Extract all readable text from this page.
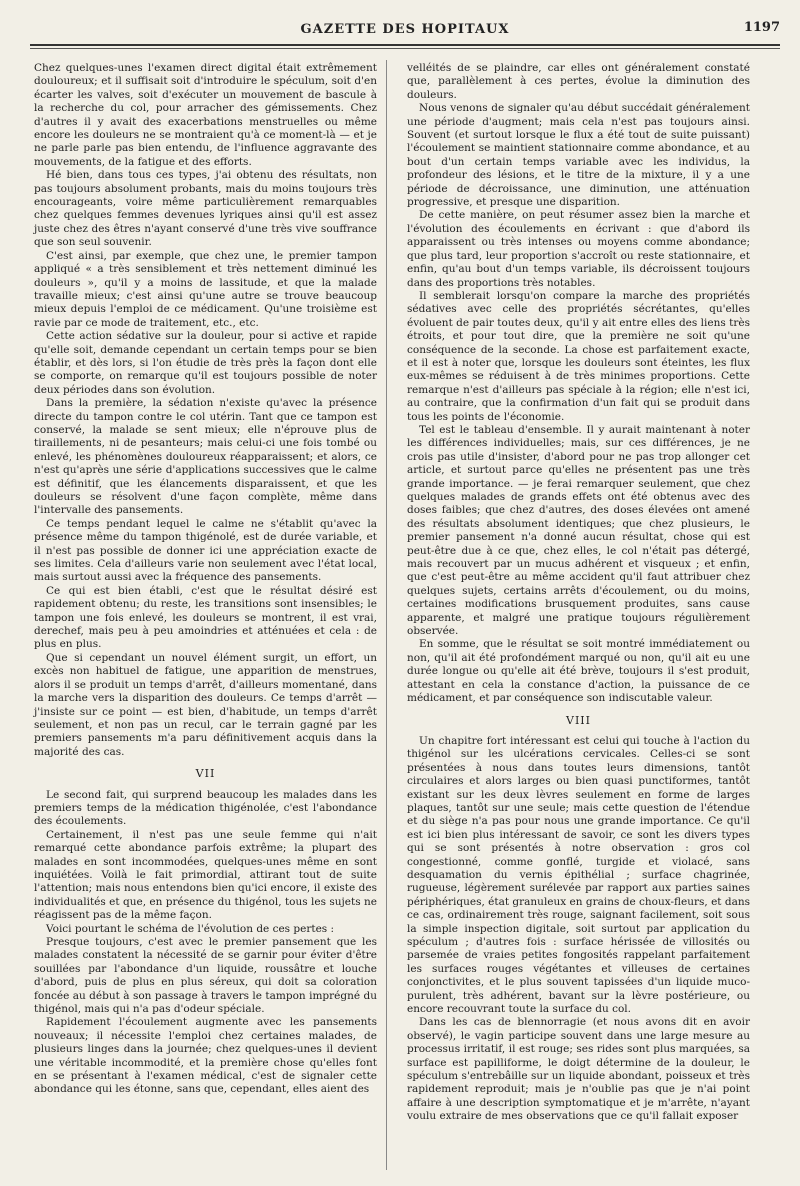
GAZETTE DES HOPITAUX	1197

Chez quelques-unes l'examen direct digital était extrêmement douloureux; et il suffisait soit d'introduire le spéculum, soit d'en écarter les valves, soit d'exécuter un mouvement de bascule à la recherche du col, pour arracher des gémissements. Chez d'autres il y avait des exacerbations menstruelles ou même encore les douleurs ne se montraient qu'à ce moment-là — et je ne parle parle pas bien entendu, de l'influence aggravante des mouvements, de la fatigue et des efforts.

Hé bien, dans tous ces types, j'ai obtenu des résultats, non pas toujours absolument probants, mais du moins toujours très encourageants, voire même particulièrement remarquables chez quelques femmes devenues lyriques ainsi qu'il est assez juste chez des êtres n'ayant conservé d'une très vive souffrance que son seul souvenir.

C'est ainsi, par exemple, que chez une, le premier tampon appliqué « a très sensiblement et très nettement diminué les douleurs », qu'il y a moins de lassitude, et que la malade travaille mieux; c'est ainsi qu'une autre se trouve beaucoup mieux depuis l'emploi de ce médicament. Qu'une troisième est ravie par ce mode de traitement, etc., etc.

Cette action sédative sur la douleur, pour si active et rapide qu'elle soit, demande cependant un certain temps pour se bien établir, et dès lors, si l'on étudie de très près la façon dont elle se comporte, on remarque qu'il est toujours possible de noter deux périodes dans son évolution.

Dans la première, la sédation n'existe qu'avec la présence directe du tampon contre le col utérin. Tant que ce tampon est conservé, la malade se sent mieux; elle n'éprouve plus de tiraillements, ni de pesanteurs; mais celui-ci une fois tombé ou enlevé, les phénomènes douloureux réapparaissent; et alors, ce n'est qu'après une série d'applications successives que le calme est définitif, que les élancements disparaissent, et que les douleurs se résolvent d'une façon complète, même dans l'intervalle des pansements.

Ce temps pendant lequel le calme ne s'établit qu'avec la présence même du tampon thigénolé, est de durée variable, et il n'est pas possible de donner ici une appréciation exacte de ses limites. Cela d'ailleurs varie non seulement avec l'état local, mais surtout aussi avec la fréquence des pansements.

Ce qui est bien établi, c'est que le résultat désiré est rapidement obtenu; du reste, les transitions sont insensibles; le tampon une fois enlevé, les douleurs se montrent, il est vrai, derechef, mais peu à peu amoindries et atténuées et cela : de plus en plus.

Que si cependant un nouvel élément surgit, un effort, un excès non habituel de fatigue, une apparition de menstrues, alors il se produit un temps d'arrêt, d'ailleurs momentané, dans la marche vers la disparition des douleurs. Ce temps d'arrêt — j'insiste sur ce point — est bien, d'habitude, un temps d'arrêt seulement, et non pas un recul, car le terrain gagné par les premiers pansements m'a paru définitivement acquis dans la majorité des cas.

VII

Le second fait, qui surprend beaucoup les malades dans les premiers temps de la médication thigénolée, c'est l'abondance des écoulements.

Certainement, il n'est pas une seule femme qui n'ait remarqué cette abondance parfois extrême; la plupart des malades en sont incommodées, quelques-unes même en sont inquiétées. Voilà le fait primordial, attirant tout de suite l'attention; mais nous entendons bien qu'ici encore, il existe des individualités et que, en présence du thigénol, tous les sujets ne réagissent pas de la même façon.

Voici pourtant le schéma de l'évolution de ces pertes :

Presque toujours, c'est avec le premier pansement que les malades constatent la nécessité de se garnir pour éviter d'être souillées par l'abondance d'un liquide, roussâtre et louche d'abord, puis de plus en plus séreux, qui doit sa coloration foncée au début à son passage à travers le tampon imprégné du thigénol, mais qui n'a pas d'odeur spéciale.

Rapidement l'écoulement augmente avec les pansements nouveaux; il nécessite l'emploi chez certaines malades, de plusieurs linges dans la journée; chez quelques-unes il devient une véritable incommodité, et la première chose qu'elles font en se présentant à l'examen médical, c'est de signaler cette abondance qui les étonne, sans que, cependant, elles aient des

velléités de se plaindre, car elles ont généralement constaté que, parallèlement à ces pertes, évolue la diminution des douleurs.

Nous venons de signaler qu'au début succédait généralement une période d'augment; mais cela n'est pas toujours ainsi. Souvent (et surtout lorsque le flux a été tout de suite puissant) l'écoulement se maintient stationnaire comme abondance, et au bout d'un certain temps variable avec les individus, la profondeur des lésions, et le titre de la mixture, il y a une période de décroissance, une diminution, une atténuation progressive, et presque une disparition.

De cette manière, on peut résumer assez bien la marche et l'évolution des écoulements en écrivant : que d'abord ils apparaissent ou très intenses ou moyens comme abondance; que plus tard, leur proportion s'accroît ou reste stationnaire, et enfin, qu'au bout d'un temps variable, ils décroissent toujours dans des proportions très notables.

Il semblerait lorsqu'on compare la marche des propriétés sédatives avec celle des propriétés sécrétantes, qu'elles évoluent de pair toutes deux, qu'il y ait entre elles des liens très étroits, et pour tout dire, que la première ne soit qu'une conséquence de la seconde. La chose est parfaitement exacte, et il est à noter que, lorsque les douleurs sont éteintes, les flux eux-mêmes se réduisent à de très minimes proportions. Cette remarque n'est d'ailleurs pas spéciale à la région; elle n'est ici, au contraire, que la confirmation d'un fait qui se produit dans tous les points de l'économie.

Tel est le tableau d'ensemble. Il y aurait maintenant à noter les différences individuelles; mais, sur ces différences, je ne crois pas utile d'insister, d'abord pour ne pas trop allonger cet article, et surtout parce qu'elles ne présentent pas une très grande importance. — je ferai remarquer seulement, que chez quelques malades de grands effets ont été obtenus avec des doses faibles; que chez d'autres, des doses élevées ont amené des résultats absolument identiques; que chez plusieurs, le premier pansement n'a donné aucun résultat, chose qui est peut-être due à ce que, chez elles, le col n'était pas détergé, mais recouvert par un mucus adhérent et visqueux ; et enfin, que c'est peut-être au même accident qu'il faut attribuer chez quelques sujets, certains arrêts d'écoulement, ou du moins, certaines modifications brusquement produites, sans cause apparente, et malgré une pratique toujours régulièrement observée.

En somme, que le résultat se soit montré immédiatement ou non, qu'il ait été profondément marqué ou non, qu'il ait eu une durée longue ou qu'elle ait été brève, toujours il s'est produit, attestant en cela la constance d'action, la puissance de ce médicament, et par conséquence son indiscutable valeur.

VIII

Un chapitre fort intéressant est celui qui touche à l'action du thigénol sur les ulcérations cervicales. Celles-ci se sont présentées à nous dans toutes leurs dimensions, tantôt circulaires et alors larges ou bien quasi punctiformes, tantôt existant sur les deux lèvres seulement en forme de larges plaques, tantôt sur une seule; mais cette question de l'étendue et du siège n'a pas pour nous une grande importance. Ce qu'il est ici bien plus intéressant de savoir, ce sont les divers types qui se sont présentés à notre observation : gros col congestionné, comme gonflé, turgide et violacé, sans desquamation du vernis épithélial ; surface chagrinée, rugueuse, légèrement surélevée par rapport aux parties saines périphériques, état granuleux en grains de choux-fleurs, et dans ce cas, ordinairement très rouge, saignant facilement, soit sous la simple inspection digitale, soit surtout par application du spéculum ; d'autres fois : surface hérissée de villosités ou parsemée de vraies petites fongosités rappelant parfaitement les surfaces rouges végétantes et villeuses de certaines conjonctivites, et le plus souvent tapissées d'un liquide muco-purulent, très adhérent, bavant sur la lèvre postérieure, ou encore recouvrant toute la surface du col.

Dans les cas de blennorragie (et nous avons dit en avoir observé), le vagin participe souvent dans une large mesure au processus irritatif, il est rouge; ses rides sont plus marquées, sa surface est papilliforme, le doigt détermine de la douleur, le spéculum s'entrebâille sur un liquide abondant, poisseux et très rapidement reproduit; mais je n'oublie pas que je n'ai point affaire à une description symptomatique et je m'arrête, n'ayant voulu extraire de mes observations que ce qu'il fallait exposer
